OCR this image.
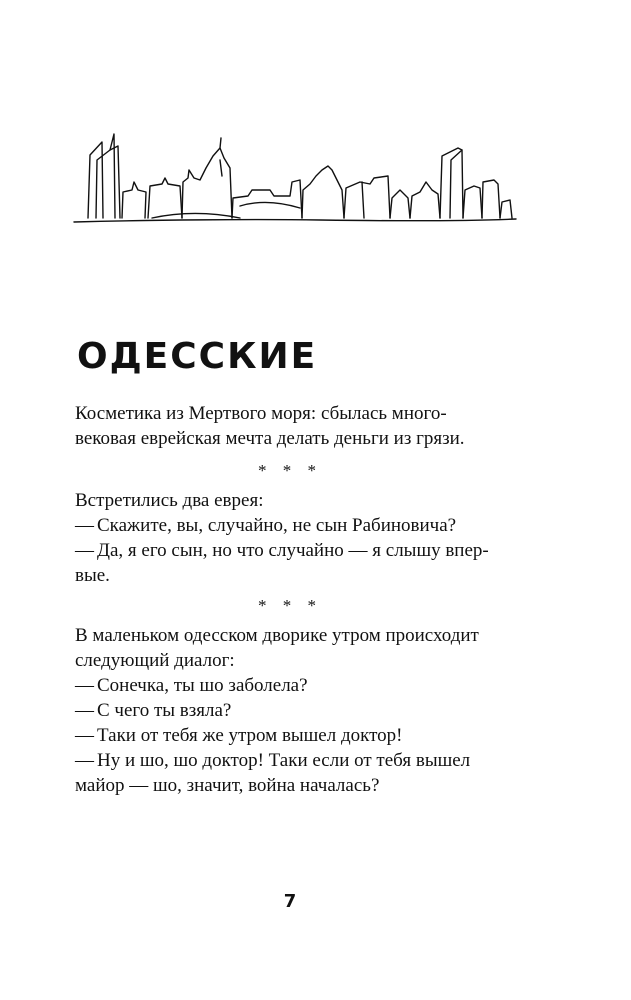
ОДЕССКИЕ

Косметика из Мертвого моря: сбылась много-

вековая еврейская мечта делать деньги из грязи.

* * *

Встретились два еврея:

— Скажите, вы, случайно, не сын Рабиновича?

— Да, я его сын, но что случайно — я слышу впер-

вые.

* * *

В маленьком одесском дворике утром происходит

следующий диалог:

— Сонечка, ты шо заболела?

— С чего ты взяла?

— Таки от тебя же утром вышел доктор!

— Ну и шо, шо доктор! Таки если от тебя вышел

майор — шо, значит, война началась?

7
